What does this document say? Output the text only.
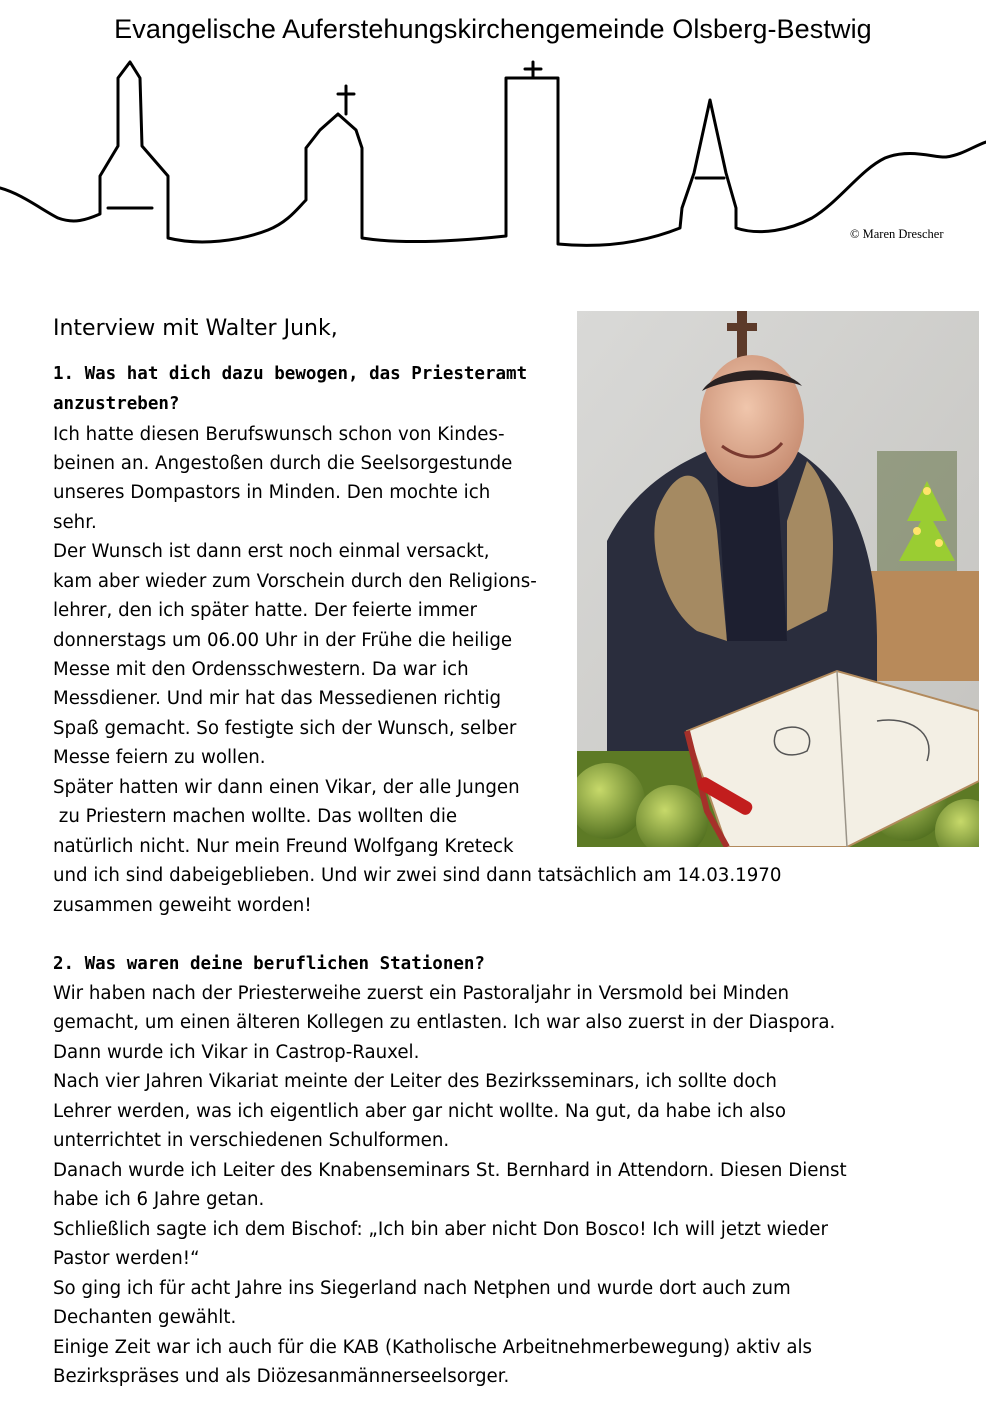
Evangelische Auferstehungskirchengemeinde Olsberg-Bestwig
© Maren Drescher
Interview mit Walter Junk,
1. Was hat dich dazu bewogen, das Priesteramt
anzustreben?
Ich hatte diesen Berufswunsch schon von Kindes-
beinen an. Angestoßen durch die Seelsorgestunde
unseres Dompastors in Minden. Den mochte ich
sehr.
Der Wunsch ist dann erst noch einmal versackt,
kam aber wieder zum Vorschein durch den Religions-
lehrer, den ich später hatte. Der feierte immer
donnerstags um 06.00 Uhr in der Frühe die heilige
Messe mit den Ordensschwestern. Da war ich
Messdiener. Und mir hat das Messedienen richtig
Spaß gemacht. So festigte sich der Wunsch, selber
Messe feiern zu wollen.
Später hatten wir dann einen Vikar, der alle Jungen
zu Priestern machen wollte. Das wollten die
natürlich nicht. Nur mein Freund Wolfgang Kreteck
und ich sind dabeigeblieben. Und wir zwei sind dann tatsächlich am 14.03.1970
zusammen geweiht worden!
2. Was waren deine beruflichen Stationen?
Wir haben nach der Priesterweihe zuerst ein Pastoraljahr in Versmold bei Minden
gemacht, um einen älteren Kollegen zu entlasten. Ich war also zuerst in der Diaspora.
Dann wurde ich Vikar in Castrop-Rauxel.
Nach vier Jahren Vikariat meinte der Leiter des Bezirksseminars, ich sollte doch
Lehrer werden, was ich eigentlich aber gar nicht wollte. Na gut, da habe ich also
unterrichtet in verschiedenen Schulformen.
Danach wurde ich Leiter des Knabenseminars St. Bernhard in Attendorn. Diesen Dienst
habe ich 6 Jahre getan.
Schließlich sagte ich dem Bischof: „Ich bin aber nicht Don Bosco! Ich will jetzt wieder
Pastor werden!“
So ging ich für acht Jahre ins Siegerland nach Netphen und wurde dort auch zum
Dechanten gewählt.
Einige Zeit war ich auch für die KAB (Katholische Arbeitnehmerbewegung) aktiv als
Bezirkspräses und als Diözesanmännerseelsorger.
